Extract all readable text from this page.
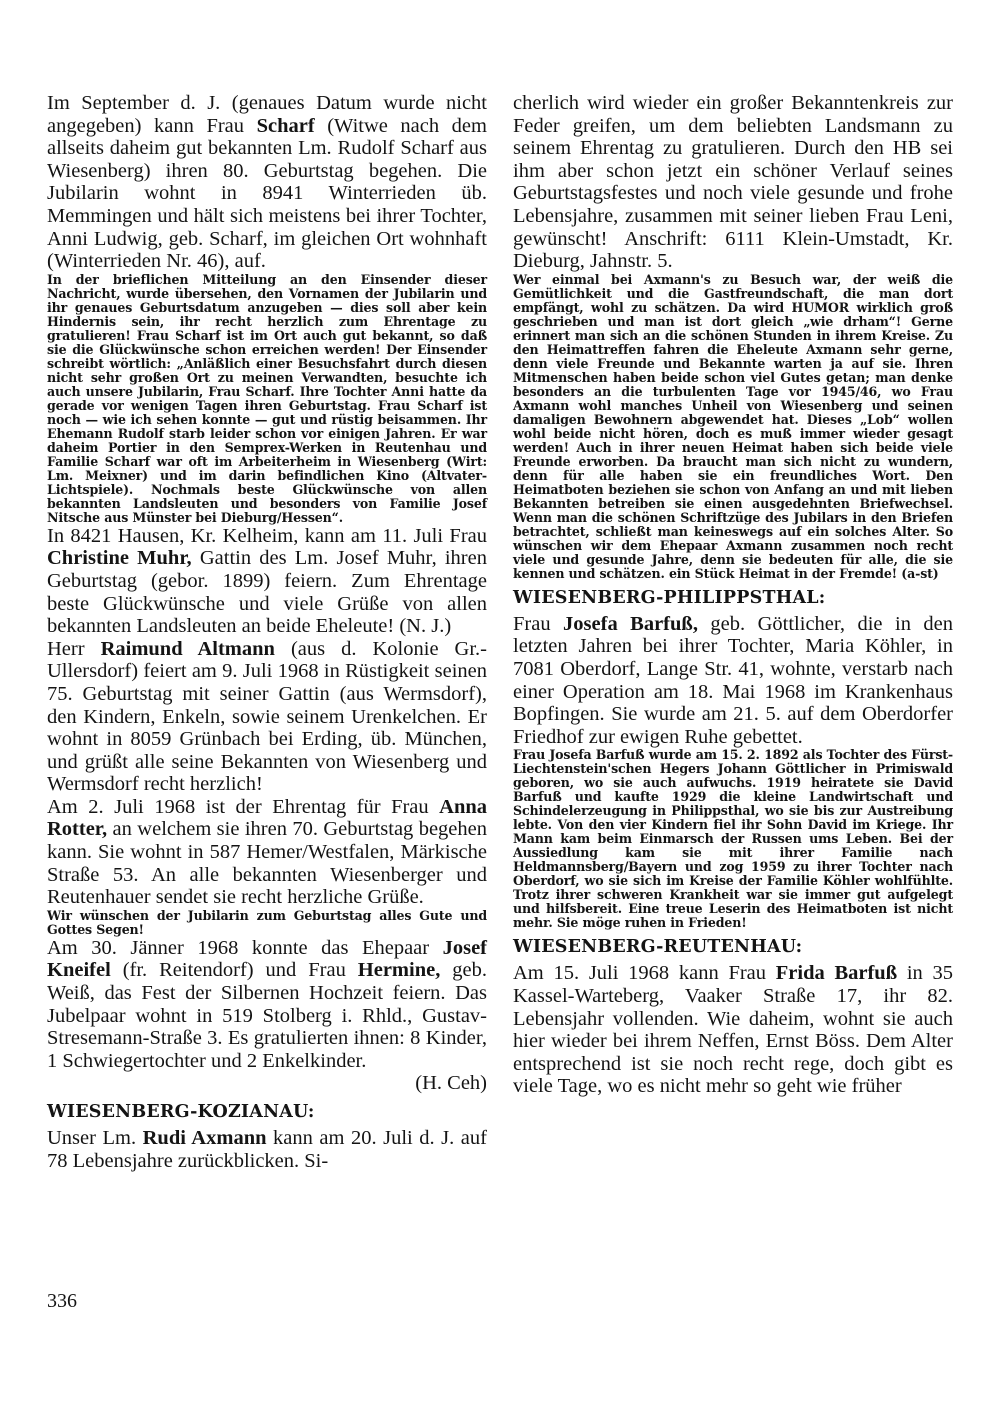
Im September d. J. (genaues Datum wurde nicht angegeben) kann Frau Scharf (Witwe nach dem allseits daheim gut bekannten Lm. Rudolf Scharf aus Wiesenberg) ihren 80. Geburtstag begehen. Die Jubilarin wohnt in 8941 Winterrieden üb. Memmingen und hält sich meistens bei ihrer Tochter, Anni Ludwig, geb. Scharf, im gleichen Ort wohnhaft (Winterrieden Nr. 46), auf.

In der brieflichen Mitteilung an den Einsender dieser Nachricht, wurde übersehen, den Vornamen der Jubilarin und ihr genaues Geburtsdatum anzugeben — dies soll aber kein Hindernis sein, ihr recht herzlich zum Ehrentage zu gratulieren! Frau Scharf ist im Ort auch gut bekannt, so daß sie die Glückwünsche schon erreichen werden! Der Einsender schreibt wörtlich: „Anläßlich einer Besuchsfahrt durch diesen nicht sehr großen Ort zu meinen Verwandten, besuchte ich auch unsere Jubilarin, Frau Scharf. Ihre Tochter Anni hatte da gerade vor wenigen Tagen ihren Geburtstag. Frau Scharf ist noch — wie ich sehen konnte — gut und rüstig beisammen. Ihr Ehemann Rudolf starb leider schon vor einigen Jahren. Er war daheim Portier in den Semprex-Werken in Reutenhau und Familie Scharf war oft im Arbeiterheim in Wiesenberg (Wirt: Lm. Meixner) und im darin befindlichen Kino (Altvater-Lichtspiele). Nochmals beste Glückwünsche von allen bekannten Landsleuten und besonders von Familie Josef Nitsche aus Münster bei Dieburg/Hessen“.

In 8421 Hausen, Kr. Kelheim, kann am 11. Juli Frau Christine Muhr, Gattin des Lm. Josef Muhr, ihren Geburtstag (gebor. 1899) feiern. Zum Ehrentage beste Glückwünsche und viele Grüße von allen bekannten Landsleuten an beide Eheleute! (N. J.)

Herr Raimund Altmann (aus d. Kolonie Gr.-Ullersdorf) feiert am 9. Juli 1968 in Rüstigkeit seinen 75. Geburtstag mit seiner Gattin (aus Wermsdorf), den Kindern, Enkeln, sowie seinem Urenkelchen. Er wohnt in 8059 Grünbach bei Erding, üb. München, und grüßt alle seine Bekannten von Wiesenberg und Wermsdorf recht herzlich!

Am 2. Juli 1968 ist der Ehrentag für Frau Anna Rotter, an welchem sie ihren 70. Geburtstag begehen kann. Sie wohnt in 587 Hemer/Westfalen, Märkische Straße 53. An alle bekannten Wiesenberger und Reutenhauer sendet sie recht herzliche Grüße.

Wir wünschen der Jubilarin zum Geburtstag alles Gute und Gottes Segen!

Am 30. Jänner 1968 konnte das Ehepaar Josef Kneifel (fr. Reitendorf) und Frau Hermine, geb. Weiß, das Fest der Silbernen Hochzeit feiern. Das Jubelpaar wohnt in 519 Stolberg i. Rhld., Gustav-Stresemann-Straße 3. Es gratulierten ihnen: 8 Kinder, 1 Schwiegertochter und 2 Enkelkinder.

(H. Ceh)

WIESENBERG-KOZIANAU:

Unser Lm. Rudi Axmann kann am 20. Juli d. J. auf 78 Lebensjahre zurückblicken. Si-

cherlich wird wieder ein großer Bekanntenkreis zur Feder greifen, um dem beliebten Landsmann zu seinem Ehrentag zu gratulieren. Durch den HB sei ihm aber schon jetzt ein schöner Verlauf seines Geburtstagsfestes und noch viele gesunde und frohe Lebensjahre, zusammen mit seiner lieben Frau Leni, gewünscht! Anschrift: 6111 Klein-Umstadt, Kr. Dieburg, Jahnstr. 5.

Wer einmal bei Axmann's zu Besuch war, der weiß die Gemütlichkeit und die Gastfreundschaft, die man dort empfängt, wohl zu schätzen. Da wird HUMOR wirklich groß geschrieben und man ist dort gleich „wie drham“! Gerne erinnert man sich an die schönen Stunden in ihrem Kreise. Zu den Heimattreffen fahren die Eheleute Axmann sehr gerne, denn viele Freunde und Bekannte warten ja auf sie. Ihren Mitmenschen haben beide schon viel Gutes getan; man denke besonders an die turbulenten Tage vor 1945/46, wo Frau Axmann wohl manches Unheil von Wiesenberg und seinen damaligen Bewohnern abgewendet hat. Dieses „Lob“ wollen wohl beide nicht hören, doch es muß immer wieder gesagt werden! Auch in ihrer neuen Heimat haben sich beide viele Freunde erworben. Da braucht man sich nicht zu wundern, denn für alle haben sie ein freundliches Wort. Den Heimatboten beziehen sie schon von Anfang an und mit lieben Bekannten betreiben sie einen ausgedehnten Briefwechsel. Wenn man die schönen Schriftzüge des Jubilars in den Briefen betrachtet, schließt man keineswegs auf ein solches Alter. So wünschen wir dem Ehepaar Axmann zusammen noch recht viele und gesunde Jahre, denn sie bedeuten für alle, die sie kennen und schätzen. ein Stück Heimat in der Fremde! (a-st)

WIESENBERG-PHILIPPSTHAL:

Frau Josefa Barfuß, geb. Göttlicher, die in den letzten Jahren bei ihrer Tochter, Maria Köhler, in 7081 Oberdorf, Lange Str. 41, wohnte, verstarb nach einer Operation am 18. Mai 1968 im Krankenhaus Bopfingen. Sie wurde am 21. 5. auf dem Oberdorfer Friedhof zur ewigen Ruhe gebettet.

Frau Josefa Barfuß wurde am 15. 2. 1892 als Tochter des Fürst-Liechtenstein'schen Hegers Johann Göttlicher in Primiswald geboren, wo sie auch aufwuchs. 1919 heiratete sie David Barfuß und kaufte 1929 die kleine Landwirtschaft und Schindelerzeugung in Philippsthal, wo sie bis zur Austreibung lebte. Von den vier Kindern fiel ihr Sohn David im Kriege. Ihr Mann kam beim Einmarsch der Russen ums Leben. Bei der Aussiedlung kam sie mit ihrer Familie nach Heldmannsberg/Bayern und zog 1959 zu ihrer Tochter nach Oberdorf, wo sie sich im Kreise der Familie Köhler wohlfühlte. Trotz ihrer schweren Krankheit war sie immer gut aufgelegt und hilfsbereit. Eine treue Leserin des Heimatboten ist nicht mehr. Sie möge ruhen in Frieden!

WIESENBERG-REUTENHAU:

Am 15. Juli 1968 kann Frau Frida Barfuß in 35 Kassel-Warteberg, Vaaker Straße 17, ihr 82. Lebensjahr vollenden. Wie daheim, wohnt sie auch hier wieder bei ihrem Neffen, Ernst Böss. Dem Alter entsprechend ist sie noch recht rege, doch gibt es viele Tage, wo es nicht mehr so geht wie früher

336
